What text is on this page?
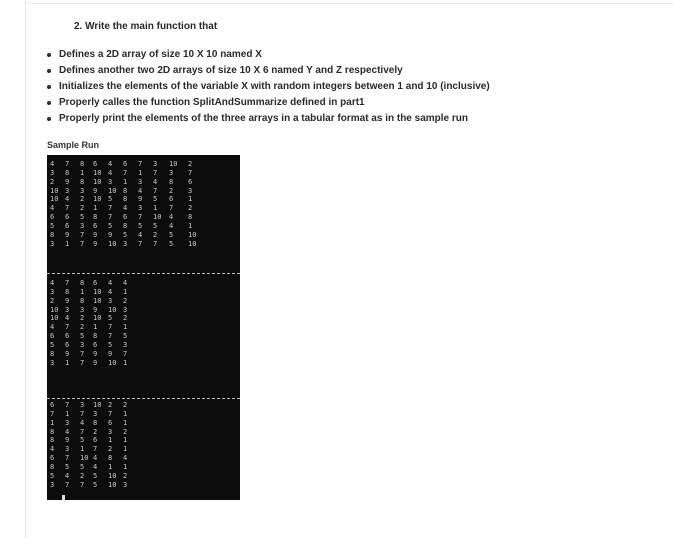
2. Write the main function that
Defines a 2D array of size 10 X 10 named X
Defines another two 2D arrays of size 10 X 6 named Y and Z respectively
Initializes the elements of the variable X with random integers between 1 and 10 (inclusive)
Properly calles the function SplitAndSummarize defined in part1
Properly print the elements of the three arrays in a tabular format as in the sample run
Sample Run
4 7 8 6 4 6 7 3 10 2
3 8 1 10 4 7 1 7 3 7
2 9 8 10 3 1 3 4 8 6
10 3 3 9 10 8 4 7 2 3
10 4 2 10 5 8 9 5 6 1
4 7 2 1 7 4 3 1 7 2
6 6 5 8 7 6 7 10 4 8
5 6 3 6 5 8 5 5 4 1
8 9 7 9 9 5 4 2 5 10
3 1 7 9 10 3 7 7 5 10
4 7 8 6 4 4
3 8 1 10 4 1
2 9 8 10 3 2
10 3 3 9 10 3
10 4 2 10 5 2
4 7 2 1 7 1
6 6 5 8 7 5
5 6 3 6 5 3
8 9 7 9 9 7
3 1 7 9 10 1
6 7 3 10 2 2
7 1 7 3 7 1
1 3 4 8 6 1
8 4 7 2 3 2
8 9 5 6 1 1
4 3 1 7 2 1
6 7 10 4 8 4
8 5 5 4 1 1
5 4 2 5 10 2
3 7 7 5 10 3
